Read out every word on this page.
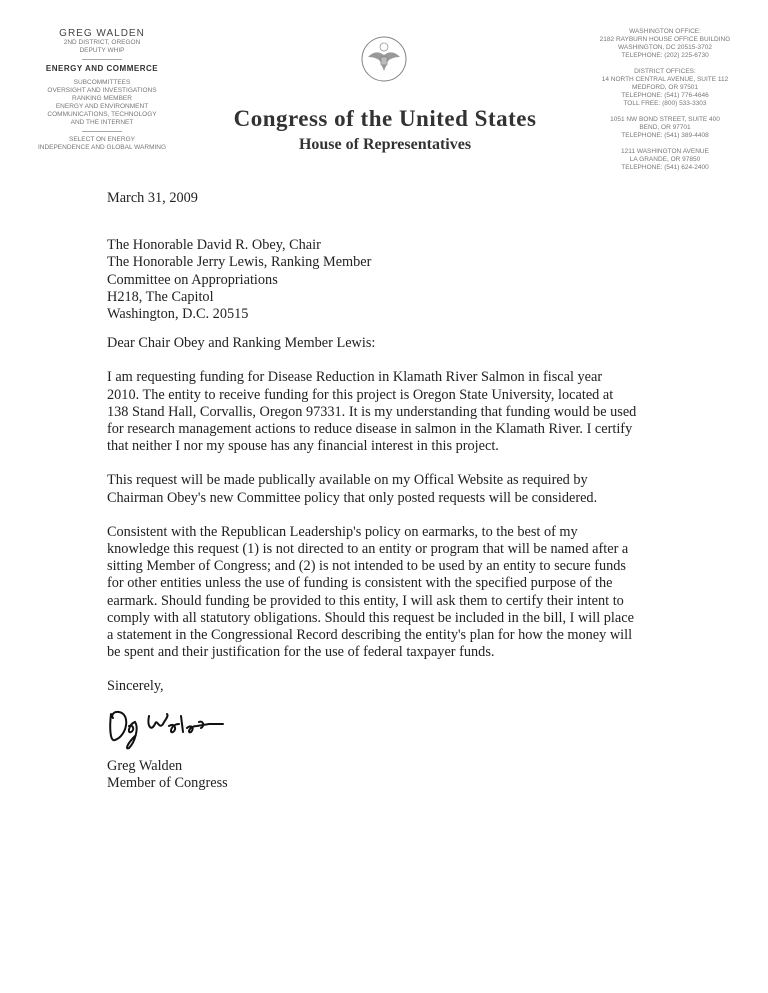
GREG WALDEN
2ND DISTRICT, OREGON
DEPUTY WHIP
ENERGY AND COMMERCE
SUBCOMMITTEES
OVERSIGHT AND INVESTIGATIONS
RANKING MEMBER
ENERGY AND ENVIRONMENT
COMMUNICATIONS, TECHNOLOGY
AND THE INTERNET
SELECT ON ENERGY
INDEPENDENCE AND GLOBAL WARMING
Congress of the United States
House of Representatives
WASHINGTON OFFICE:
2182 RAYBURN HOUSE OFFICE BUILDING
WASHINGTON, DC 20515-3702
TELEPHONE: (202) 225-6730
DISTRICT OFFICES:
14 NORTH CENTRAL AVENUE, SUITE 112
MEDFORD, OR 97501
TELEPHONE: (541) 776-4646
TOLL FREE: (800) 533-3303
1051 NW BOND STREET, SUITE 400
BEND, OR 97701
TELEPHONE: (541) 389-4408
1211 WASHINGTON AVENUE
LA GRANDE, OR 97850
TELEPHONE: (541) 624-2400

March 31, 2009

The Honorable David R. Obey, Chair

The Honorable Jerry Lewis, Ranking Member

Committee on Appropriations

H218, The Capitol

Washington, D.C. 20515

Dear Chair Obey and Ranking Member Lewis:

I am requesting funding for Disease Reduction in Klamath River Salmon in fiscal year 2010. The entity to receive funding for this project is Oregon State University, located at 138 Stand Hall, Corvallis, Oregon 97331. It is my understanding that funding would be used for research management actions to reduce disease in salmon in the Klamath River. I certify that neither I nor my spouse has any financial interest in this project.

This request will be made publically available on my Offical Website as required by Chairman Obey's new Committee policy that only posted requests will be considered.

Consistent with the Republican Leadership's policy on earmarks, to the best of my knowledge this request (1) is not directed to an entity or program that will be named after a sitting Member of Congress; and (2) is not intended to be used by an entity to secure funds for other entities unless the use of funding is consistent with the specified purpose of the earmark. Should funding be provided to this entity, I will ask them to certify their intent to comply with all statutory obligations. Should this request be included in the bill, I will place a statement in the Congressional Record describing the entity's plan for how the money will be spent and their justification for the use of federal taxpayer funds.

Sincerely,

Greg Walden

Member of Congress
